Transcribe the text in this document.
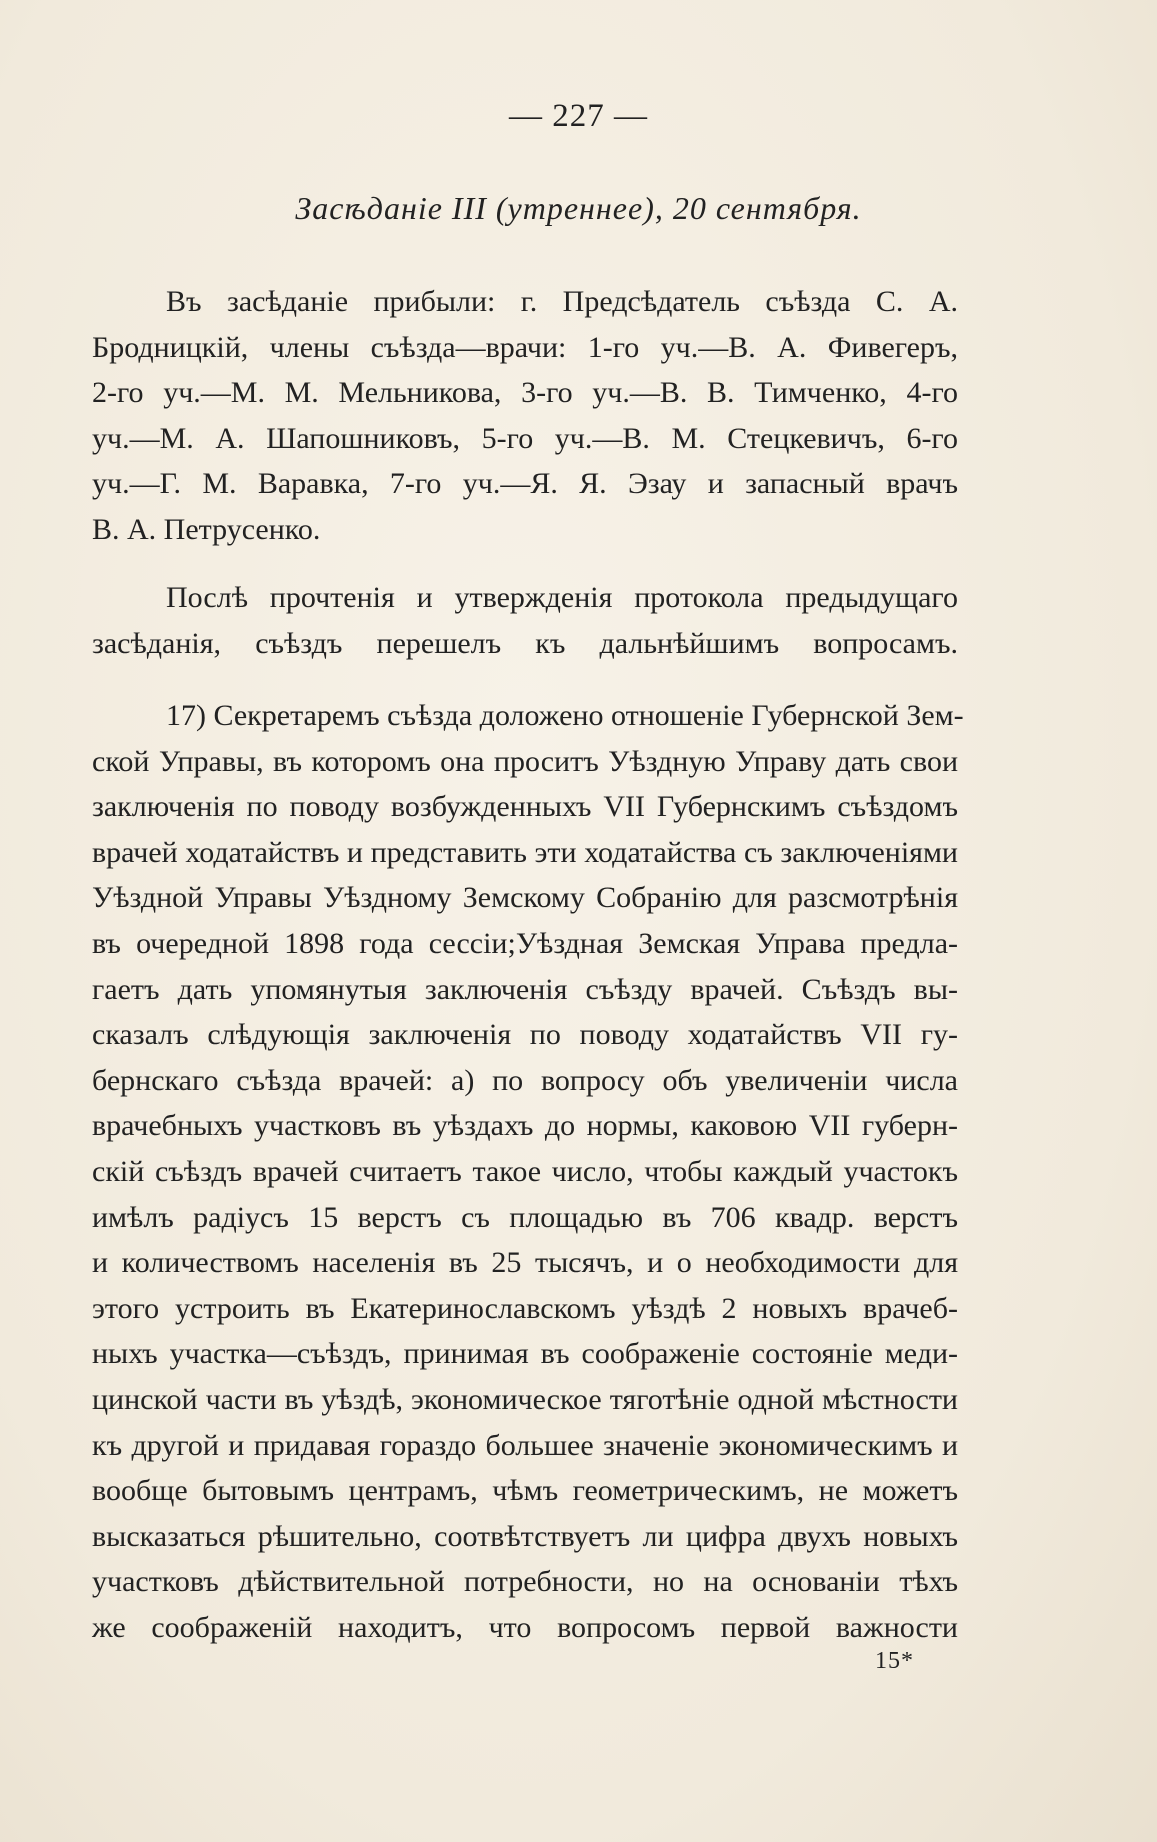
— 227 —
Засѣданіе III (утреннее), 20 сентября.
Въ засѣданіе прибыли: г. Предсѣдатель съѣзда С. А.
Бродницкій, члены съѣзда—врачи: 1-го уч.—В. А. Фивегеръ,
2-го уч.—М. М. Мельникова, 3-го уч.—В. В. Тимченко, 4-го
уч.—М. А. Шапошниковъ, 5-го уч.—В. М. Стецкевичъ, 6-го
уч.—Г. М. Варавка, 7-го уч.—Я. Я. Эзау и запасный врачъ
В. А. Петрусенко.
Послѣ прочтенія и утвержденія протокола предыдущаго
засѣданія, съѣздъ перешелъ къ дальнѣйшимъ вопросамъ.
17) Секретаремъ съѣзда доложено отношеніе Губернской Зем-
ской Управы, въ которомъ она проситъ Уѣздную Управу дать свои
заключенія по поводу возбужденныхъ VII Губернскимъ съѣздомъ
врачей ходатайствъ и представить эти ходатайства съ заключеніями
Уѣздной Управы Уѣздному Земскому Собранію для разсмотрѣнія
въ очередной 1898 года сессіи;Уѣздная Земская Управа предла-
гаетъ дать упомянутыя заключенія съѣзду врачей. Съѣздъ вы-
сказалъ слѣдующія заключенія по поводу ходатайствъ VII гу-
бернскаго съѣзда врачей: а) по вопросу объ увеличеніи числа
врачебныхъ участковъ въ уѣздахъ до нормы, каковою VII губерн-
скій съѣздъ врачей считаетъ такое число, чтобы каждый участокъ
имѣлъ радіусъ 15 верстъ съ площадью въ 706 квадр. верстъ
и количествомъ населенія въ 25 тысячъ, и о необходимости для
этого устроить въ Екатеринославскомъ уѣздѣ 2 новыхъ врачеб-
ныхъ участка—съѣздъ, принимая въ соображеніе состояніе меди-
цинской части въ уѣздѣ, экономическое тяготѣніе одной мѣстности
къ другой и придавая гораздо большее значеніе экономическимъ и
вообще бытовымъ центрамъ, чѣмъ геометрическимъ, не можетъ
высказаться рѣшительно, соотвѣтствуетъ ли цифра двухъ новыхъ
участковъ дѣйствительной потребности, но на основаніи тѣхъ
же соображеній находитъ, что вопросомъ первой важности
15*
